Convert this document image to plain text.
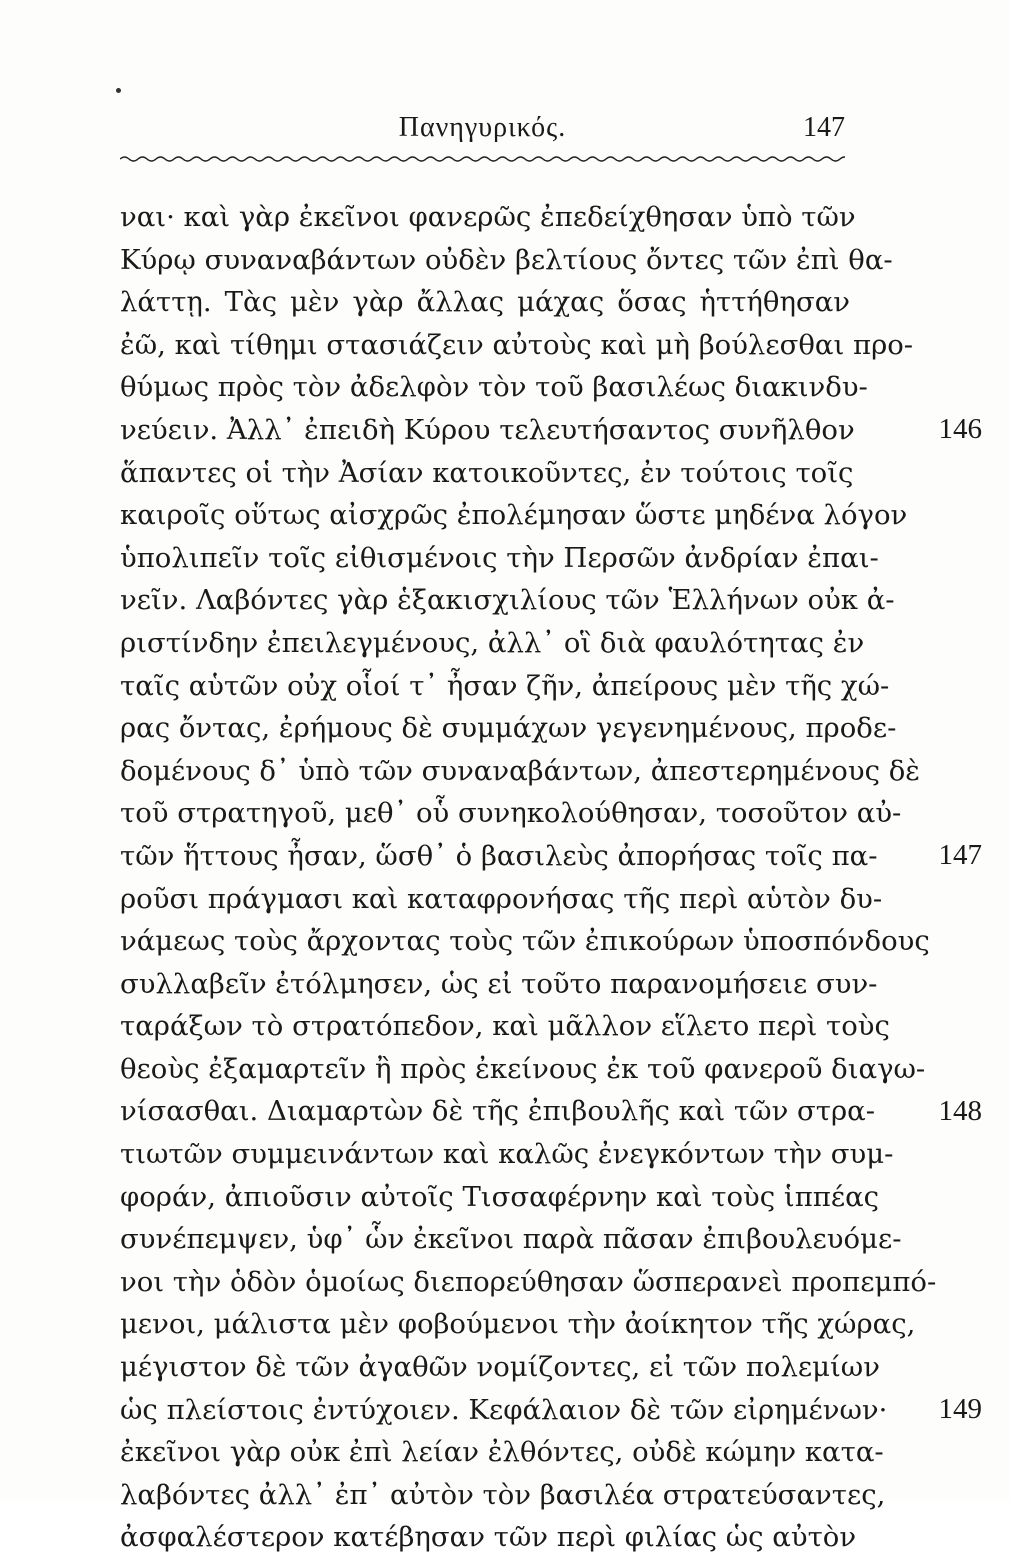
Πανηγυρικός.	147
ναι· καὶ γὰρ ἐκεῖνοι φανερῶς ἐπεδείχθησαν ὑπὸ τῶν
Κύρῳ συναναβάντων οὐδὲν βελτίους ὄντες τῶν ἐπὶ θα-
λάττῃ. Τὰς μὲν γὰρ ἄλλας μάχας ὅσας ἡττήθησαν
ἐῶ, καὶ τίθημι στασιάζειν αὐτοὺς καὶ μὴ βούλεσθαι προ-
θύμως πρὸς τὸν ἀδελφὸν τὸν τοῦ βασιλέως διακινδυ-
νεύειν. Ἀλλ᾽ ἐπειδὴ Κύρου τελευτήσαντος συνῆλθον
ἅπαντες οἱ τὴν Ἀσίαν κατοικοῦντες, ἐν τούτοις τοῖς
καιροῖς οὕτως αἰσχρῶς ἐπολέμησαν ὥστε μηδένα λόγον
ὑπολιπεῖν τοῖς εἰθισμένοις τὴν Περσῶν ἀνδρίαν ἐπαι-
νεῖν. Λαβόντες γὰρ ἑξακισχιλίους τῶν Ἑλλήνων οὐκ ἀ-
ριστίνδην ἐπειλεγμένους, ἀλλ᾽ οἳ διὰ φαυλότητας ἐν
ταῖς αὑτῶν οὐχ οἷοί τ᾽ ἦσαν ζῆν, ἀπείρους μὲν τῆς χώ-
ρας ὄντας, ἐρήμους δὲ συμμάχων γεγενημένους, προδε-
δομένους δ᾽ ὑπὸ τῶν συναναβάντων, ἀπεστερημένους δὲ
τοῦ στρατηγοῦ, μεθ᾽ οὗ συνηκολούθησαν, τοσοῦτον αὐ-
τῶν ἥττους ἦσαν, ὥσθ᾽ ὁ βασιλεὺς ἀπορήσας τοῖς πα-
ροῦσι πράγμασι καὶ καταφρονήσας τῆς περὶ αὑτὸν δυ-
νάμεως τοὺς ἄρχοντας τοὺς τῶν ἐπικούρων ὑποσπόνδους
συλλαβεῖν ἐτόλμησεν, ὡς εἰ τοῦτο παρανομήσειε συν-
ταράξων τὸ στρατόπεδον, καὶ μᾶλλον εἵλετο περὶ τοὺς
θεοὺς ἐξαμαρτεῖν ἢ πρὸς ἐκείνους ἐκ τοῦ φανεροῦ διαγω-
νίσασθαι. Διαμαρτὼν δὲ τῆς ἐπιβουλῆς καὶ τῶν στρα-
τιωτῶν συμμεινάντων καὶ καλῶς ἐνεγκόντων τὴν συμ-
φοράν, ἀπιοῦσιν αὐτοῖς Τισσαφέρνην καὶ τοὺς ἱππέας
συνέπεμψεν, ὑφ᾽ ὧν ἐκεῖνοι παρὰ πᾶσαν ἐπιβουλευόμε-
νοι τὴν ὁδὸν ὁμοίως διεπορεύθησαν ὥσπερανεὶ προπεμπό-
μενοι, μάλιστα μὲν φοβούμενοι τὴν ἀοίκητον τῆς χώρας,
μέγιστον δὲ τῶν ἀγαθῶν νομίζοντες, εἰ τῶν πολεμίων
ὡς πλείστοις ἐντύχοιεν. Κεφάλαιον δὲ τῶν εἰρημένων·
ἐκεῖνοι γὰρ οὐκ ἐπὶ λείαν ἐλθόντες, οὐδὲ κώμην κατα-
λαβόντες ἀλλ᾽ ἐπ᾽ αὐτὸν τὸν βασιλέα στρατεύσαντες,
ἀσφαλέστερον κατέβησαν τῶν περὶ φιλίας ὡς αὐτὸν
146
147
148
149
